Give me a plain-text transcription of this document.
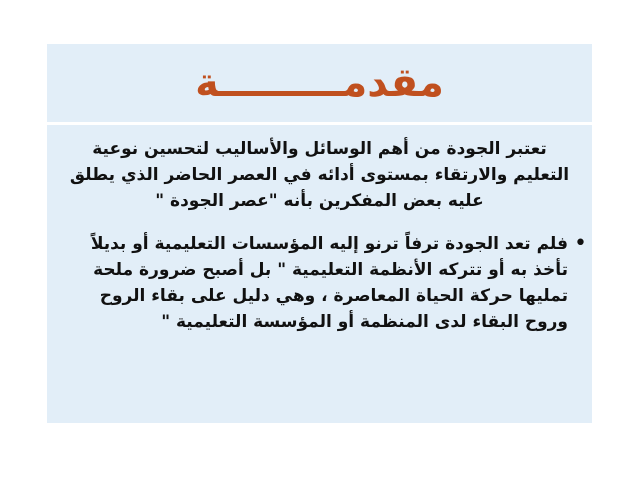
مقدمـــــــــة
تعتبر الجودة من أهم الوسائل والأساليب لتحسين نوعية التعليم والارتقاء بمستوى أدائه في العصر الحاضر الذي يطلق عليه بعض المفكرين بأنه "عصر الجودة "
•
فلم تعد الجودة ترفاً ترنو إليه المؤسسات التعليمية أو بديلاً تأخذ به أو تتركه الأنظمة التعليمية " بل أصبح ضرورة ملحة تمليها حركة الحياة المعاصرة ، وهي دليل على بقاء الروح وروح البقاء لدى المنظمة أو المؤسسة التعليمية "
